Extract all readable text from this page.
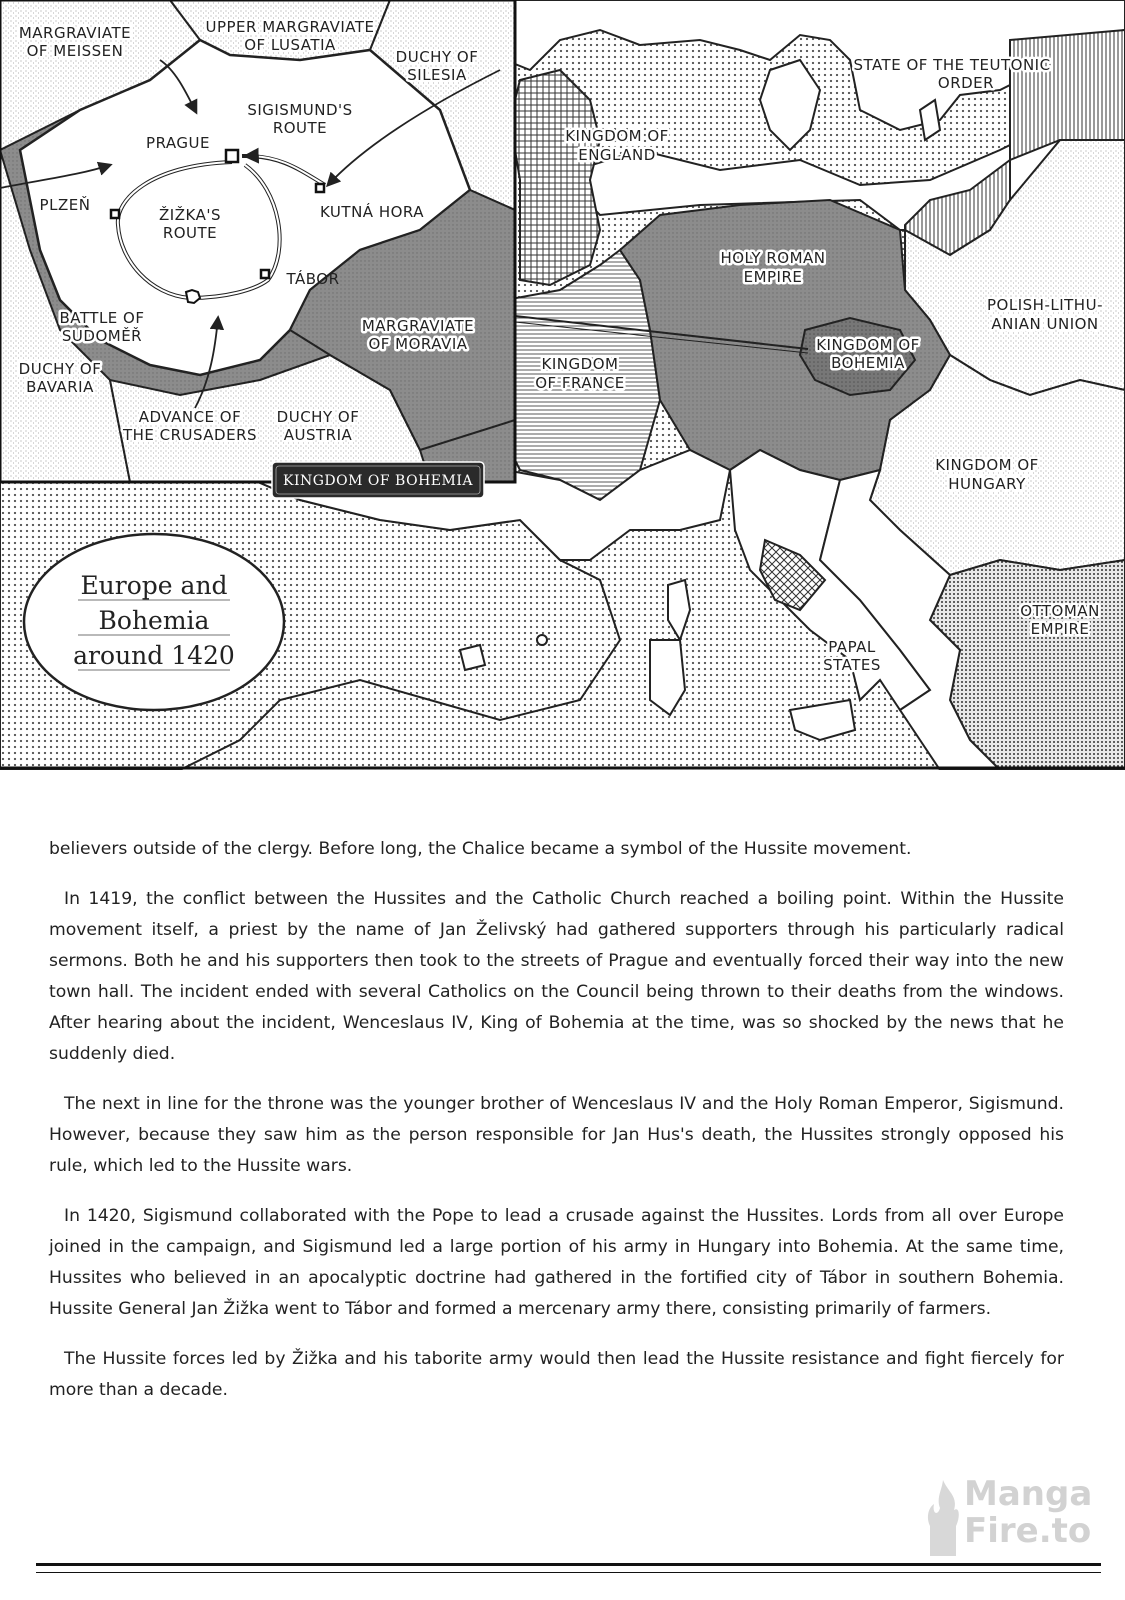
STATE OF THE TEUTONIC
ORDER
KINGDOM OF
ENGLAND
HOLY ROMAN
EMPIRE
POLISH-LITHU-
ANIAN UNION
KINGDOM OF
BOHEMIA
KINGDOM
OF FRANCE
KINGDOM OF
HUNGARY
OTTOMAN
EMPIRE
PAPAL
STATES
Europe and
Bohemia
around 1420
MARGRAVIATE
OF MEISSEN
UPPER MARGRAVIATE
OF LUSATIA
DUCHY OF
SILESIA
SIGISMUND'S
ROUTE
PRAGUE
PLZEŇ
ŽIŽKA'S
ROUTE
KUTNÁ HORA
TÁBOR
BATTLE OF
SUDOMĚŘ
MARGRAVIATE
OF MORAVIA
DUCHY OF
BAVARIA
ADVANCE OF
THE CRUSADERS
DUCHY OF
AUSTRIA
KINGDOM OF BOHEMIA

believers outside of the clergy. Before long, the Chalice became a symbol of the Hussite movement.

In 1419, the conflict between the Hussites and the Catholic Church reached a boiling point. Within the Hussite movement itself, a priest by the name of Jan Želivský had gathered supporters through his particularly radical sermons. Both he and his supporters then took to the streets of Prague and eventually forced their way into the new town hall. The incident ended with several Catholics on the Council being thrown to their deaths from the windows. After hearing about the incident, Wenceslaus IV, King of Bohemia at the time, was so shocked by the news that he suddenly died.

The next in line for the throne was the younger brother of Wenceslaus IV and the Holy Roman Emperor, Sigismund. However, because they saw him as the person responsible for Jan Hus's death, the Hussites strongly opposed his rule, which led to the Hussite wars.

In 1420, Sigismund collaborated with the Pope to lead a crusade against the Hussites. Lords from all over Europe joined in the campaign, and Sigismund led a large portion of his army in Hungary into Bohemia. At the same time, Hussites who believed in an apocalyptic doctrine had gathered in the fortified city of Tábor in southern Bohemia. Hussite General Jan Žižka went to Tábor and formed a mercenary army there, consisting primarily of farmers.

The Hussite forces led by Žižka and his taborite army would then lead the Hussite resistance and fight fiercely for more than a decade.

Manga
Fire.to
